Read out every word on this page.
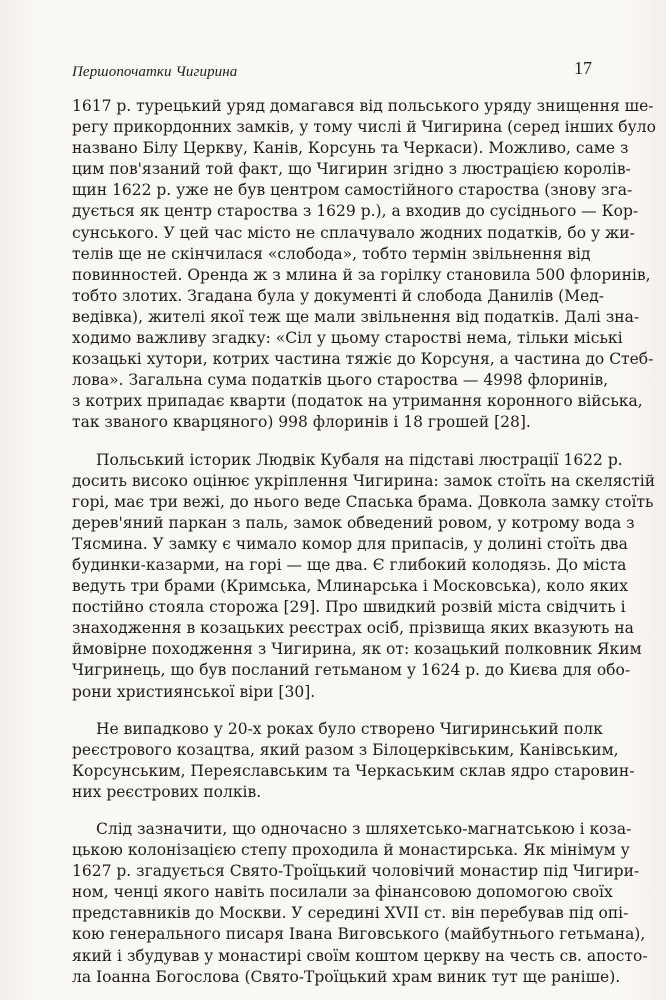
Першопочатки Чигирина	17
1617 р. турецький уряд домагався від польського уряду знищення ше-
регу прикордонних замків, у тому числі й Чигирина (серед інших було
названо Білу Церкву, Канів, Корсунь та Черкаси). Можливо, саме з
цим пов'язаний той факт, що Чигирин згідно з люстрацією королів-
щин 1622 р. уже не був центром самостійного староства (знову зга-
дується як центр староства з 1629 р.), а входив до сусіднього — Кор-
сунського. У цей час місто не сплачувало жодних податків, бо у жи-
телів ще не скінчилася «слобода», тобто термін звільнення від
повинностей. Оренда ж з млина й за горілку становила 500 флоринів,
тобто злотих. Згадана була у документі й слобода Данилів (Мед-
ведівка), жителі якої теж ще мали звільнення від податків. Далі зна-
ходимо важливу згадку: «Сіл у цьому старостві нема, тільки міські
козацькі хутори, котрих частина тяжіє до Корсуня, а частина до Стеб-
лова». Загальна сума податків цього староства — 4998 флоринів,
з котрих припадає кварти (податок на утримання коронного війська,
так званого кварцяного) 998 флоринів і 18 грошей [28].
Польський історик Людвік Кубаля на підставі люстрації 1622 р.
досить високо оцінює укріплення Чигирина: замок стоїть на скелястій
горі, має три вежі, до нього веде Спаська брама. Довкола замку стоїть
дерев'яний паркан з паль, замок обведений ровом, у котрому вода з
Тясмина. У замку є чимало комор для припасів, у долині стоїть два
будинки-казарми, на горі — ще два. Є глибокий колодязь. До міста
ведуть три брами (Кримська, Млинарська і Московська), коло яких
постійно стояла сторожа [29]. Про швидкий розвій міста свідчить і
знаходження в козацьких реєстрах осіб, прізвища яких вказують на
ймовірне походження з Чигирина, як от: козацький полковник Яким
Чигринець, що був посланий гетьманом у 1624 р. до Києва для обо-
рони християнської віри [30].
Не випадково у 20-х роках було створено Чигиринський полк
реєстрового козацтва, який разом з Білоцерківським, Канівським,
Корсунським, Переяславським та Черкаським склав ядро старовин-
них реєстрових полків.
Слід зазначити, що одночасно з шляхетсько-магнатською і коза-
цькою колонізацією степу проходила й монастирська. Як мінімум у
1627 р. згадується Свято-Троїцький чоловічий монастир під Чигири-
ном, ченці якого навіть посилали за фінансовою допомогою своїх
представників до Москви. У середині XVII ст. він перебував під опі-
кою генерального писаря Івана Виговського (майбутнього гетьмана),
який і збудував у монастирі своїм коштом церкву на честь св. апосто-
ла Іоанна Богослова (Свято-Троїцький храм виник тут ще раніше).
